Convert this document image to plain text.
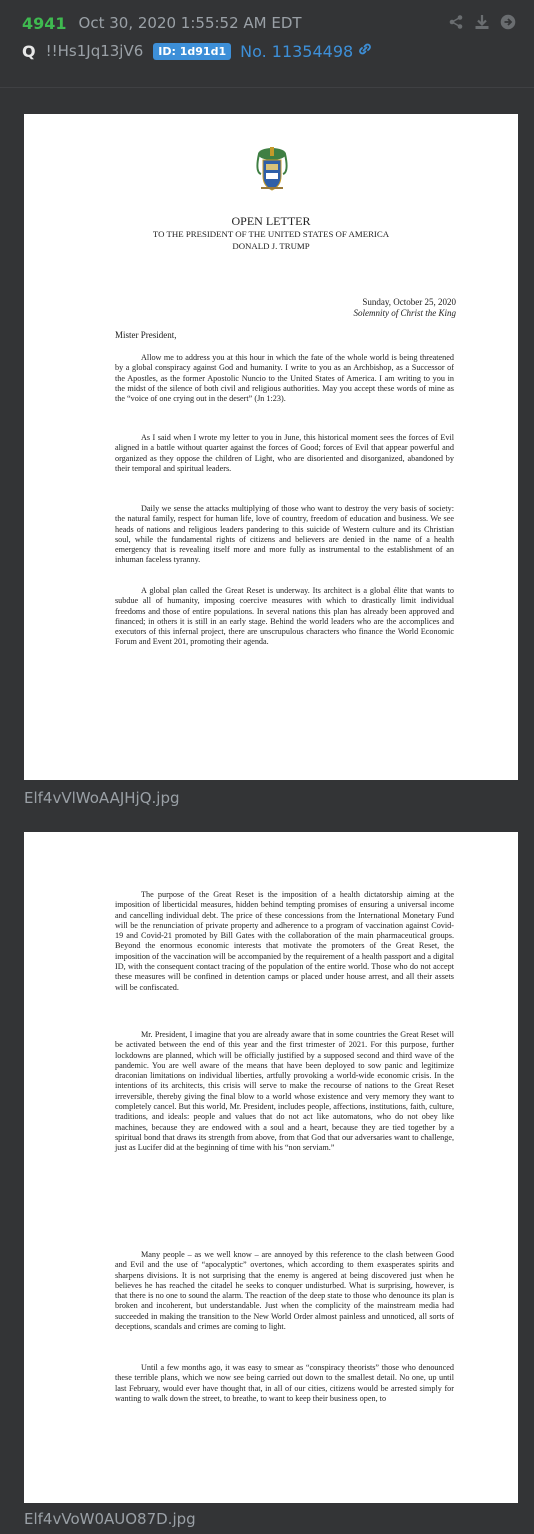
4941 Oct 30, 2020 1:55:52 AM EDT
Q !!Hs1Jq13jV6	ID: 1d91d1 No. 11354498
OPEN LETTER
TO THE PRESIDENT OF THE UNITED STATES OF AMERICA
DONALD J. TRUMP
Sunday, October 25, 2020
Solemnity of Christ the King
Mister President,

Allow me to address you at this hour in which the fate of the whole world is being threatened by a global conspiracy against God and humanity. I write to you as an Archbishop, as a Successor of the Apostles, as the former Apostolic Nuncio to the United States of America. I am writing to you in the midst of the silence of both civil and religious authorities. May you accept these words of mine as the “voice of one crying out in the desert” (Jn 1:23).

As I said when I wrote my letter to you in June, this historical moment sees the forces of Evil aligned in a battle without quarter against the forces of Good; forces of Evil that appear powerful and organized as they oppose the children of Light, who are disoriented and disorganized, abandoned by their temporal and spiritual leaders.

Daily we sense the attacks multiplying of those who want to destroy the very basis of society: the natural family, respect for human life, love of country, freedom of education and business. We see heads of nations and religious leaders pandering to this suicide of Western culture and its Christian soul, while the fundamental rights of citizens and believers are denied in the name of a health emergency that is revealing itself more and more fully as instrumental to the establishment of an inhuman faceless tyranny.

A global plan called the Great Reset is underway. Its architect is a global élite that wants to subdue all of humanity, imposing coercive measures with which to drastically limit individual freedoms and those of entire populations. In several nations this plan has already been approved and financed; in others it is still in an early stage. Behind the world leaders who are the accomplices and executors of this infernal project, there are unscrupulous characters who finance the World Economic Forum and Event 201, promoting their agenda.

Elf4vVlWoAAJHjQ.jpg

The purpose of the Great Reset is the imposition of a health dictatorship aiming at the imposition of liberticidal measures, hidden behind tempting promises of ensuring a universal income and cancelling individual debt. The price of these concessions from the International Monetary Fund will be the renunciation of private property and adherence to a program of vaccination against Covid-19 and Covid-21 promoted by Bill Gates with the collaboration of the main pharmaceutical groups. Beyond the enormous economic interests that motivate the promoters of the Great Reset, the imposition of the vaccination will be accompanied by the requirement of a health passport and a digital ID, with the consequent contact tracing of the population of the entire world. Those who do not accept these measures will be confined in detention camps or placed under house arrest, and all their assets will be confiscated.

Mr. President, I imagine that you are already aware that in some countries the Great Reset will be activated between the end of this year and the first trimester of 2021. For this purpose, further lockdowns are planned, which will be officially justified by a supposed second and third wave of the pandemic. You are well aware of the means that have been deployed to sow panic and legitimize draconian limitations on individual liberties, artfully provoking a world-wide economic crisis. In the intentions of its architects, this crisis will serve to make the recourse of nations to the Great Reset irreversible, thereby giving the final blow to a world whose existence and very memory they want to completely cancel. But this world, Mr. President, includes people, affections, institutions, faith, culture, traditions, and ideals: people and values that do not act like automatons, who do not obey like machines, because they are endowed with a soul and a heart, because they are tied together by a spiritual bond that draws its strength from above, from that God that our adversaries want to challenge, just as Lucifer did at the beginning of time with his “non serviam.”

Many people – as we well know – are annoyed by this reference to the clash between Good and Evil and the use of “apocalyptic” overtones, which according to them exasperates spirits and sharpens divisions. It is not surprising that the enemy is angered at being discovered just when he believes he has reached the citadel he seeks to conquer undisturbed. What is surprising, however, is that there is no one to sound the alarm. The reaction of the deep state to those who denounce its plan is broken and incoherent, but understandable. Just when the complicity of the mainstream media had succeeded in making the transition to the New World Order almost painless and unnoticed, all sorts of deceptions, scandals and crimes are coming to light.

Until a few months ago, it was easy to smear as “conspiracy theorists” those who denounced these terrible plans, which we now see being carried out down to the smallest detail. No one, up until last February, would ever have thought that, in all of our cities, citizens would be arrested simply for wanting to walk down the street, to breathe, to want to keep their business open, to

Elf4vVoW0AUO87D.jpg
